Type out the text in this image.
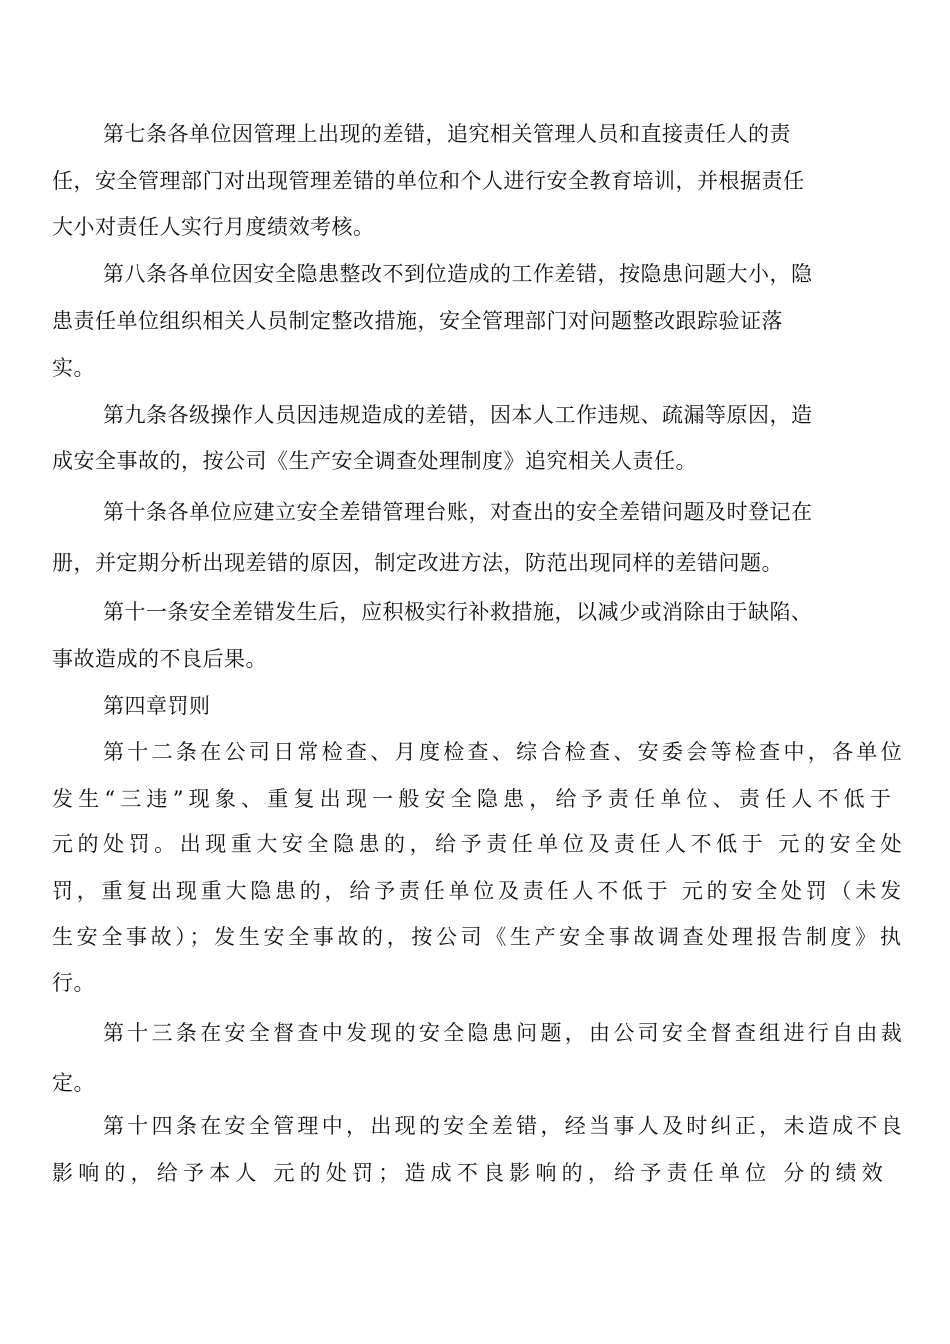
第七条各单位因管理上出现的差错，追究相关管理人员和直接责任人的责
任，安全管理部门对出现管理差错的单位和个人进行安全教育培训，并根据责任
大小对责任人实行月度绩效考核。
第八条各单位因安全隐患整改不到位造成的工作差错，按隐患问题大小，隐
患责任单位组织相关人员制定整改措施，安全管理部门对问题整改跟踪验证落
实。
第九条各级操作人员因违规造成的差错，因本人工作违规、疏漏等原因，造
成安全事故的，按公司《生产安全调查处理制度》追究相关人责任。
第十条各单位应建立安全差错管理台账，对查出的安全差错问题及时登记在
册，并定期分析出现差错的原因，制定改进方法，防范出现同样的差错问题。
第十一条安全差错发生后，应积极实行补救措施，以减少或消除由于缺陷、
事故造成的不良后果。
第四章罚则
第十二条在公司日常检查、月度检查、综合检查、安委会等检查中，各单位
发生“三违”现象、重复出现一般安全隐患，给予责任单位、责任人不低于
元的处罚。出现重大安全隐患的，给予责任单位及责任人不低于 元的安全处
罚，重复出现重大隐患的，给予责任单位及责任人不低于 元的安全处罚（未发
生安全事故）；发生安全事故的，按公司《生产安全事故调查处理报告制度》执
行。
第十三条在安全督查中发现的安全隐患问题，由公司安全督查组进行自由裁
定。
第十四条在安全管理中，出现的安全差错，经当事人及时纠正，未造成不良
影响的，给予本人 元的处罚；造成不良影响的，给予责任单位 分的绩效
